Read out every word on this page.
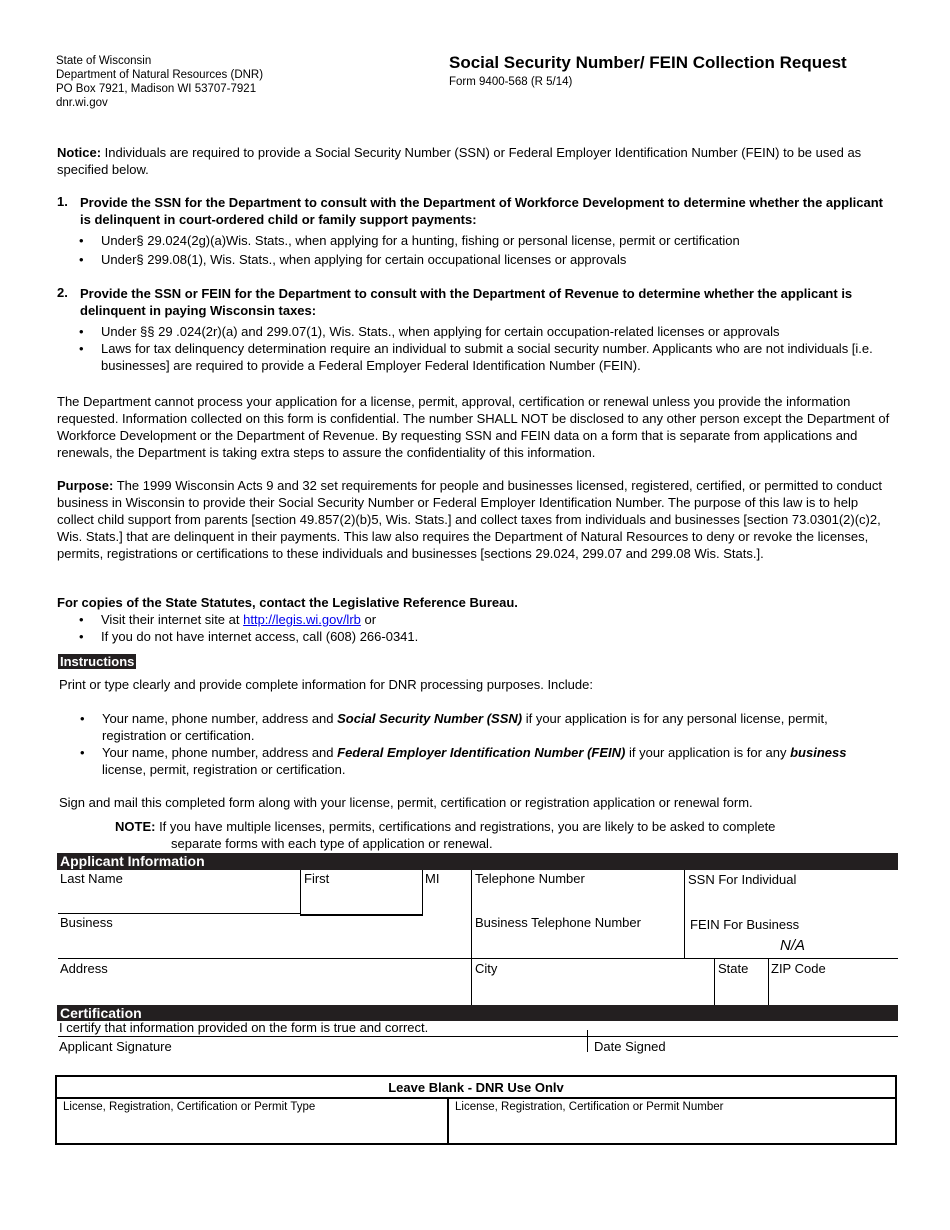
State of Wisconsin
Department of Natural Resources (DNR)
PO Box 7921, Madison WI 53707-7921
dnr.wi.gov
Social Security Number/ FEIN Collection Request
Form 9400-568 (R 5/14)

Notice: Individuals are required to provide a Social Security Number (SSN) or Federal Employer Identification Number (FEIN) to be used as specified below.

1. Provide the SSN for the Department to consult with the Department of Workforce Development to determine whether the applicant is delinquent in court-ordered child or family support payments:

•	Under§ 29.024(2g)(a)Wis. Stats., when applying for a hunting, fishing or personal license, permit or certification
•	Under§ 299.08(1), Wis. Stats., when applying for certain occupational licenses or approvals
2. Provide the SSN or FEIN for the Department to consult with the Department of Revenue to determine whether the applicant is delinquent in paying Wisconsin taxes:

•	Under §§ 29 .024(2r)(a) and 299.07(1), Wis. Stats., when applying for certain occupation-related licenses or approvals
•	Laws for tax delinquency determination require an individual to submit a social security number. Applicants who are not individuals [i.e. businesses] are required to provide a Federal Employer Federal Identification Number (FEIN).

The Department cannot process your application for a license, permit, approval, certification or renewal unless you provide the information requested. Information collected on this form is confidential. The number SHALL NOT be disclosed to any other person except the Department of Workforce Development or the Department of Revenue. By requesting SSN and FEIN data on a form that is separate from applications and renewals, the Department is taking extra steps to assure the confidentiality of this information.

Purpose: The 1999 Wisconsin Acts 9 and 32 set requirements for people and businesses licensed, registered, certified, or permitted to conduct business in Wisconsin to provide their Social Security Number or Federal Employer Identification Number. The purpose of this law is to help collect child support from parents [section 49.857(2)(b)5, Wis. Stats.] and collect taxes from individuals and businesses [section 73.0301(2)(c)2, Wis. Stats.] that are delinquent in their payments. This law also requires the Department of Natural Resources to deny or revoke the licenses, permits, registrations or certifications to these individuals and businesses [sections 29.024, 299.07 and 299.08 Wis. Stats.].

For copies of the State Statutes, contact the Legislative Reference Bureau.

•	Visit their internet site at http://legis.wi.gov/lrb or
•	If you do not have internet access, call (608) 266-0341.
Instructions

Print or type clearly and provide complete information for DNR processing purposes. Include:

•	Your name, phone number, address and Social Security Number (SSN) if your application is for any personal license, permit, registration or certification.
•	Your name, phone number, address and Federal Employer Identification Number (FEIN) if your application is for any business license, permit, registration or certification.

Sign and mail this completed form along with your license, permit, certification or registration application or renewal form.

NOTE: If you have multiple licenses, permits, certifications and registrations, you are likely to be asked to complete

separate forms with each type of application or renewal.

Applicant Information
Last Name	First	MI	Telephone Number	SSN For Individual
Business	Business Telephone Number	FEIN For Business
N/A
Address	City	State ZIP Code
Certification
I certify that information provided on the form is true and correct.
Applicant Signature	Date Signed
Leave Blank - DNR Use Onlv
License, Registration, Certification or Permit Type	License, Registration, Certification or Permit Number
